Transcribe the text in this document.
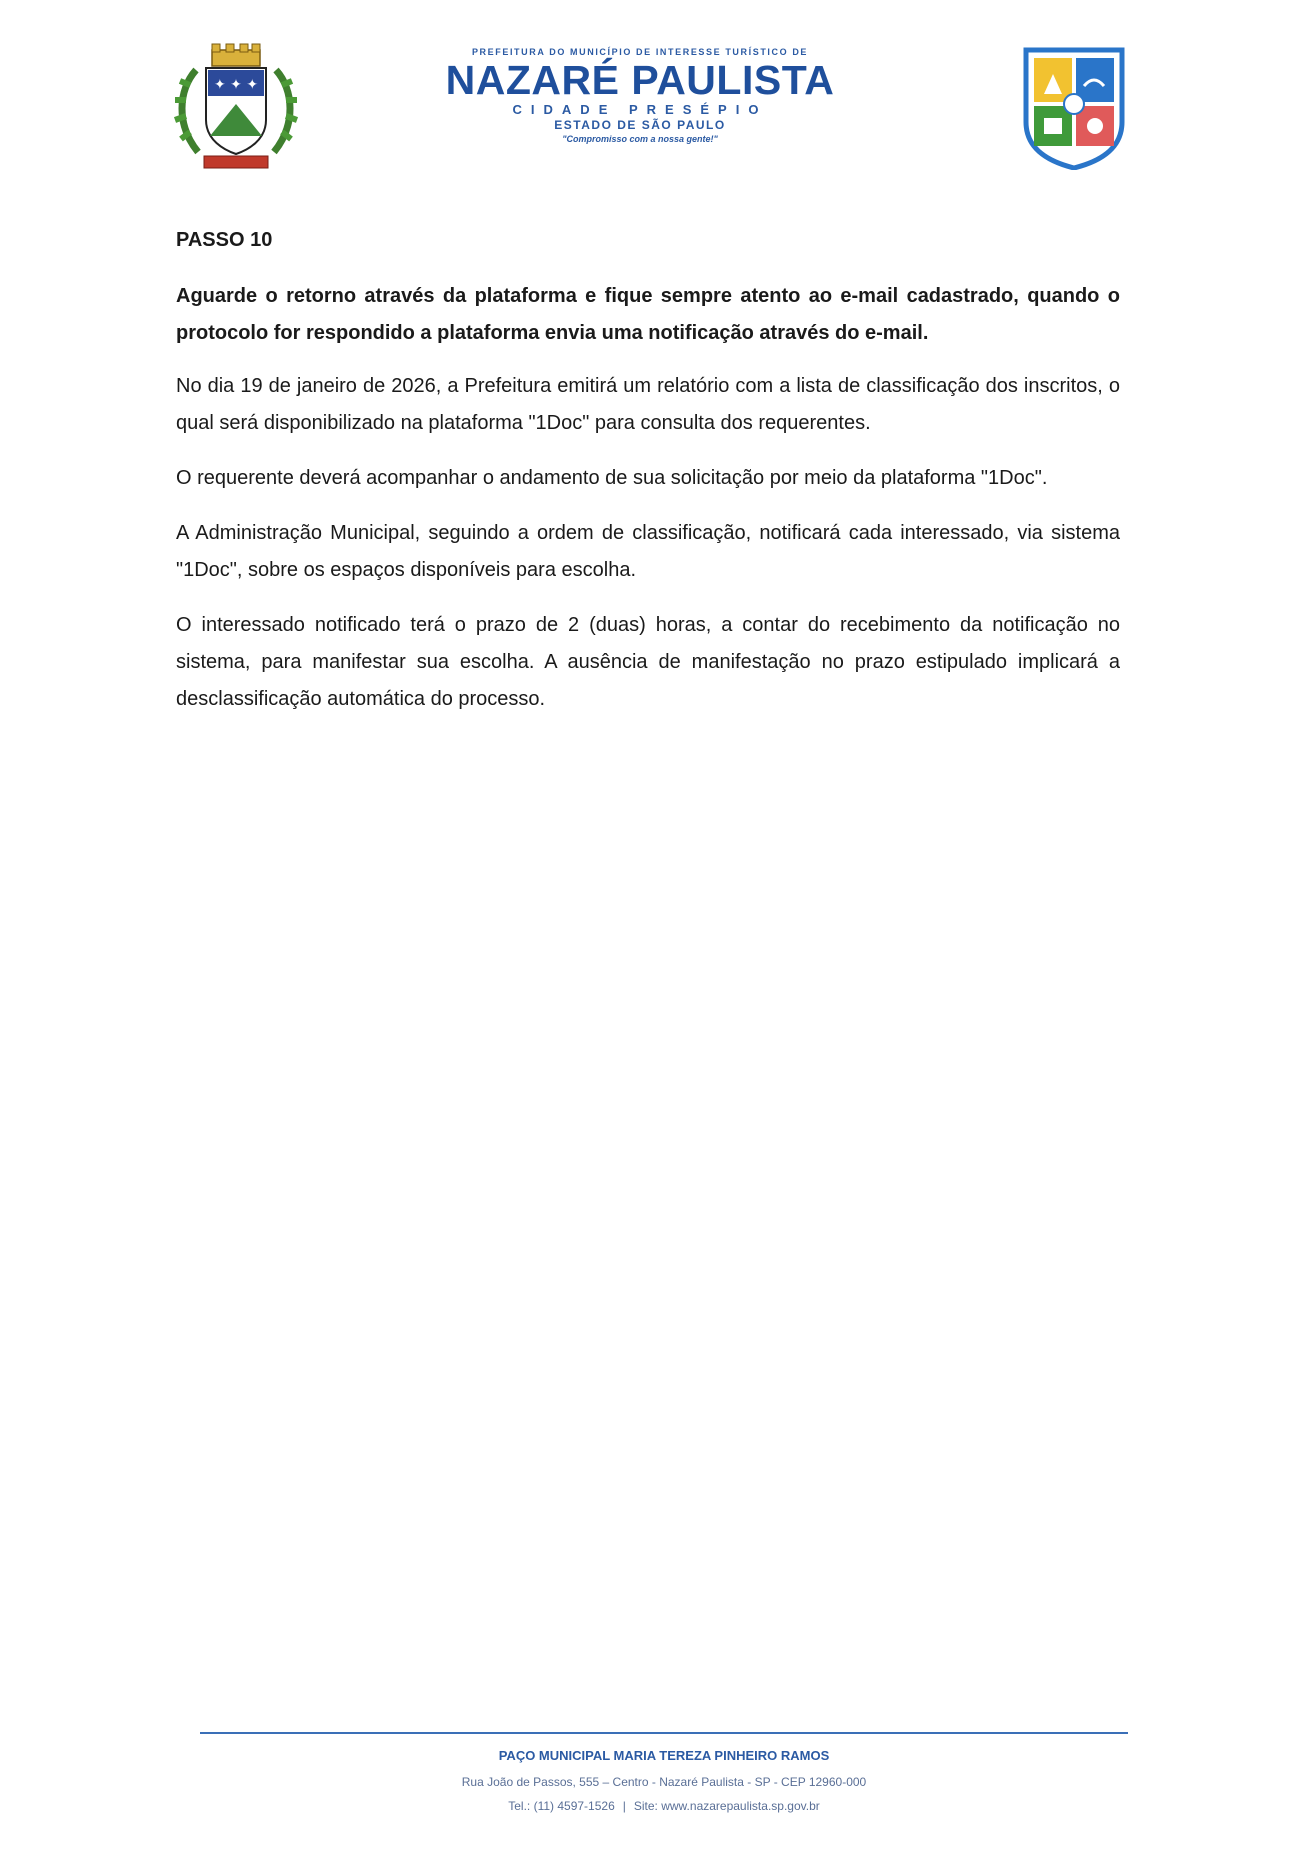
✦ ✦ ✦

PREFEITURA DO MUNICÍPIO DE INTERESSE TURÍSTICO DE

NAZARÉ PAULISTA

CIDADE PRESÉPIO

ESTADO DE SÃO PAULO

"Compromisso com a nossa gente!"

PASSO 10

Aguarde o retorno através da plataforma e fique sempre atento ao e-mail cadastrado, quando o protocolo for respondido a plataforma envia uma notificação através do e-mail.

No dia 19 de janeiro de 2026, a Prefeitura emitirá um relatório com a lista de classificação dos inscritos, o qual será disponibilizado na plataforma "1Doc" para consulta dos requerentes.

O requerente deverá acompanhar o andamento de sua solicitação por meio da plataforma "1Doc".

A Administração Municipal, seguindo a ordem de classificação, notificará cada interessado, via sistema "1Doc", sobre os espaços disponíveis para escolha.

O interessado notificado terá o prazo de 2 (duas) horas, a contar do recebimento da notificação no sistema, para manifestar sua escolha. A ausência de manifestação no prazo estipulado implicará a desclassificação automática do processo.

PAÇO MUNICIPAL MARIA TEREZA PINHEIRO RAMOS

Rua João de Passos, 555 – Centro - Nazaré Paulista - SP - CEP 12960-000

Tel.: (11) 4597-1526 | Site: www.nazarepaulista.sp.gov.br
